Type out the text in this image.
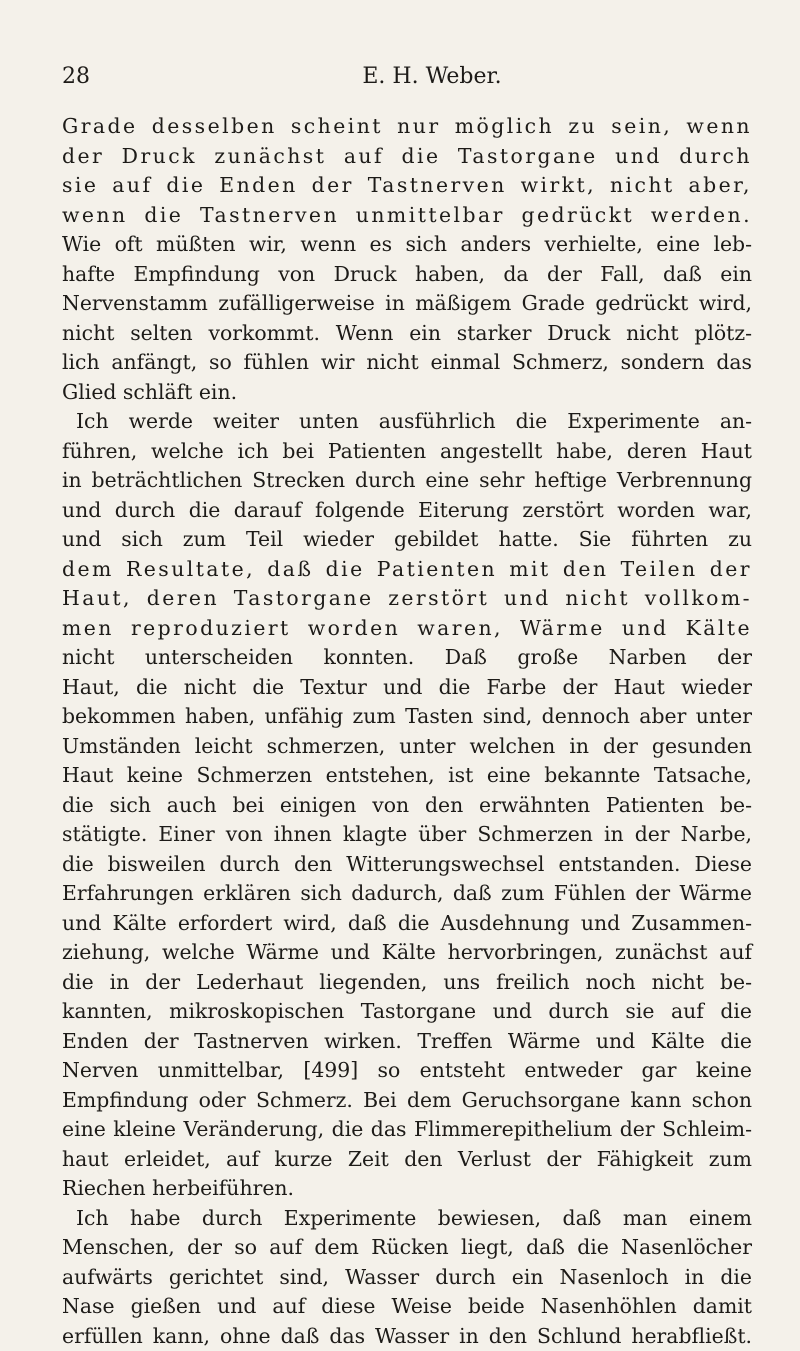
28	E. H. Weber.
Grade desselben scheint nur möglich zu sein, wenn
der Druck zunächst auf die Tastorgane und durch
sie auf die Enden der Tastnerven wirkt, nicht aber,
wenn die Tastnerven unmittelbar gedrückt werden.
Wie oft müßten wir, wenn es sich anders verhielte, eine leb-
hafte Empfindung von Druck haben, da der Fall, daß ein
Nervenstamm zufälligerweise in mäßigem Grade gedrückt wird,
nicht selten vorkommt. Wenn ein starker Druck nicht plötz-
lich anfängt, so fühlen wir nicht einmal Schmerz, sondern das
Glied schläft ein.
Ich werde weiter unten ausführlich die Experimente an-
führen, welche ich bei Patienten angestellt habe, deren Haut
in beträchtlichen Strecken durch eine sehr heftige Verbrennung
und durch die darauf folgende Eiterung zerstört worden war,
und sich zum Teil wieder gebildet hatte. Sie führten zu
dem Resultate, daß die Patienten mit den Teilen der
Haut, deren Tastorgane zerstört und nicht vollkom-
men reproduziert worden waren, Wärme und Kälte
nicht unterscheiden konnten. Daß große Narben der
Haut, die nicht die Textur und die Farbe der Haut wieder
bekommen haben, unfähig zum Tasten sind, dennoch aber unter
Umständen leicht schmerzen, unter welchen in der gesunden
Haut keine Schmerzen entstehen, ist eine bekannte Tatsache,
die sich auch bei einigen von den erwähnten Patienten be-
stätigte. Einer von ihnen klagte über Schmerzen in der Narbe,
die bisweilen durch den Witterungswechsel entstanden. Diese
Erfahrungen erklären sich dadurch, daß zum Fühlen der Wärme
und Kälte erfordert wird, daß die Ausdehnung und Zusammen-
ziehung, welche Wärme und Kälte hervorbringen, zunächst auf
die in der Lederhaut liegenden, uns freilich noch nicht be-
kannten, mikroskopischen Tastorgane und durch sie auf die
Enden der Tastnerven wirken. Treffen Wärme und Kälte die
Nerven unmittelbar, [499] so entsteht entweder gar keine
Empfindung oder Schmerz. Bei dem Geruchsorgane kann schon
eine kleine Veränderung, die das Flimmerepithelium der Schleim-
haut erleidet, auf kurze Zeit den Verlust der Fähigkeit zum
Riechen herbeiführen.
Ich habe durch Experimente bewiesen, daß man einem
Menschen, der so auf dem Rücken liegt, daß die Nasenlöcher
aufwärts gerichtet sind, Wasser durch ein Nasenloch in die
Nase gießen und auf diese Weise beide Nasenhöhlen damit
erfüllen kann, ohne daß das Wasser in den Schlund herabfließt.
